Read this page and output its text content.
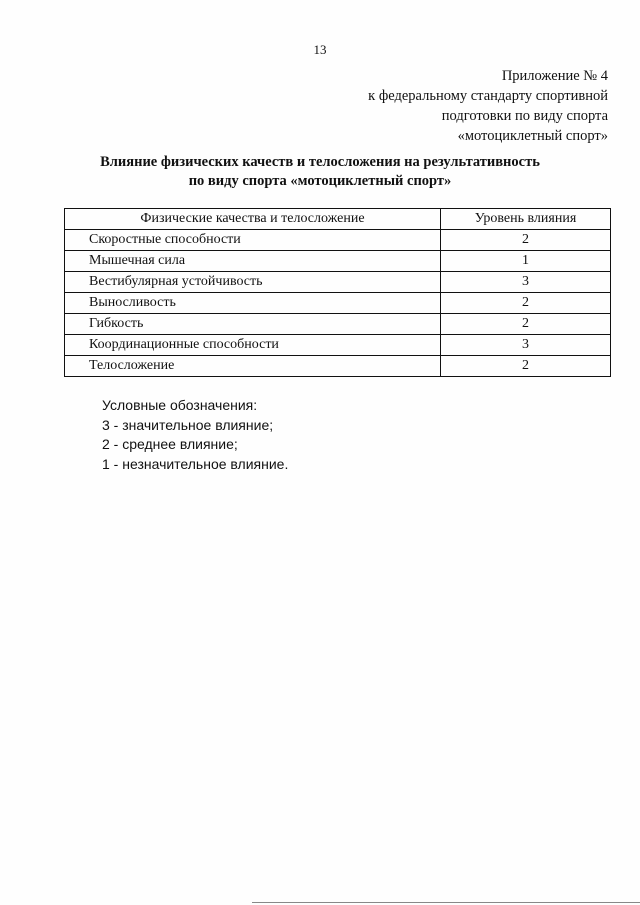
13
Приложение № 4
к федеральному стандарту спортивной
подготовки по виду спорта
«мотоциклетный спорт»
Влияние физических качеств и телосложения на результативность
по виду спорта «мотоциклетный спорт»
Физические качества и телосложение	Уровень влияния
Скоростные способности	2
Мышечная сила	1
Вестибулярная устойчивость	3
Выносливость	2
Гибкость	2
Координационные способности	3
Телосложение	2
Условные обозначения:
3 - значительное влияние;
2 - среднее влияние;
1 - незначительное влияние.
